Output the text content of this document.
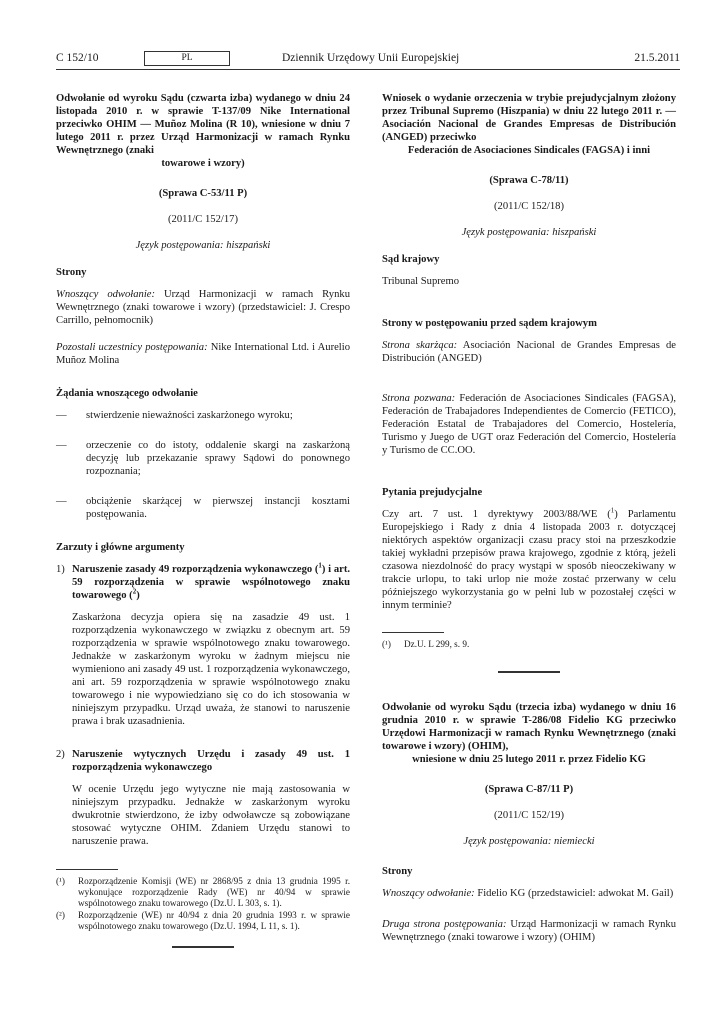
C 152/10	PL	Dziennik Urzędowy Unii Europejskiej	21.5.2011

Odwołanie od wyroku Sądu (czwarta izba) wydanego w dniu 24 listopada 2010 r. w sprawie T-137/09 Nike International przeciwko OHIM — Muñoz Molina (R 10), wniesione w dniu 7 lutego 2011 r. przez Urząd Harmonizacji w ramach Rynku Wewnętrznego (znaki
towarowe i wzory)

(Sprawa C-53/11 P)

(2011/C 152/17)

Język postępowania: hiszpański

Strony

Wnoszący odwołanie: Urząd Harmonizacji w ramach Rynku Wewnętrznego (znaki towarowe i wzory) (przedstawiciel: J. Crespo Carrillo, pełnomocnik)

Pozostali uczestnicy postępowania: Nike International Ltd. i Aurelio Muñoz Molina

Żądania wnoszącego odwołanie

— stwierdzenie nieważności zaskarżonego wyroku;

— orzeczenie co do istoty, oddalenie skargi na zaskarżoną decyzję lub przekazanie sprawy Sądowi do ponownego rozpoznania;

— obciążenie skarżącej w pierwszej instancji kosztami postępowania.

Zarzuty i główne argumenty

1) Naruszenie zasady 49 rozporządzenia wykonawczego ($^1$) i art. 59 rozporządzenia w sprawie wspólnotowego znaku towarowego ($^2$)

Zaskarżona decyzja opiera się na zasadzie 49 ust. 1 rozporządzenia wykonawczego w związku z obecnym art. 59 rozporządzenia w sprawie wspólnotowego znaku towarowego. Jednakże w zaskarżonym wyroku w żadnym miejscu nie wymieniono ani zasady 49 ust. 1 rozporządzenia wykonawczego, ani art. 59 rozporządzenia w sprawie wspólnotowego znaku towarowego i nie wypowiedziano się co do ich stosowania w niniejszym przypadku. Urząd uważa, że stanowi to naruszenie prawa i brak uzasadnienia.

2) Naruszenie wytycznych Urzędu i zasady 49 ust. 1 rozporządzenia wykonawczego

W ocenie Urzędu jego wytyczne nie mają zastosowania w niniejszym przypadku. Jednakże w zaskarżonym wyroku dwukrotnie stwierdzono, że izby odwoławcze są zobowiązane stosować wytyczne OHIM. Zdaniem Urzędu stanowi to naruszenie prawa.

(¹) Rozporządzenie Komisji (WE) nr 2868/95 z dnia 13 grudnia 1995 r. wykonujące rozporządzenie Rady (WE) nr 40/94 w sprawie wspólnotowego znaku towarowego (Dz.U. L 303, s. 1).

(²) Rozporządzenie (WE) nr 40/94 z dnia 20 grudnia 1993 r. w sprawie wspólnotowego znaku towarowego (Dz.U. 1994, L 11, s. 1).

Wniosek o wydanie orzeczenia w trybie prejudycjalnym złożony przez Tribunal Supremo (Hiszpania) w dniu 22 lutego 2011 r. — Asociación Nacional de Grandes Empresas de Distribución (ANGED) przeciwko
Federación de Asociaciones Sindicales (FAGSA) i inni

(Sprawa C-78/11)

(2011/C 152/18)

Język postępowania: hiszpański

Sąd krajowy

Tribunal Supremo

Strony w postępowaniu przed sądem krajowym

Strona skarżąca: Asociación Nacional de Grandes Empresas de Distribución (ANGED)

Strona pozwana: Federación de Asociaciones Sindicales (FAGSA), Federación de Trabajadores Independientes de Comercio (FETICO), Federación Estatal de Trabajadores del Comercio, Hostelería, Turismo y Juego de UGT oraz Federación del Comercio, Hostelería y Turismo de CC.OO.

Pytania prejudycjalne

Czy art. 7 ust. 1 dyrektywy 2003/88/WE ($^1$) Parlamentu Europejskiego i Rady z dnia 4 listopada 2003 r. dotyczącej niektórych aspektów organizacji czasu pracy stoi na przeszkodzie takiej wykładni przepisów prawa krajowego, zgodnie z którą, jeżeli czasowa niezdolność do pracy wystąpi w sposób nieoczekiwany w trakcie urlopu, to taki urlop nie może zostać przerwany w celu późniejszego wykorzystania go w pełni lub w pozostałej części w innym terminie?

(¹) Dz.U. L 299, s. 9.

Odwołanie od wyroku Sądu (trzecia izba) wydanego w dniu 16 grudnia 2010 r. w sprawie T-286/08 Fidelio KG przeciwko Urzędowi Harmonizacji w ramach Rynku Wewnętrznego (znaki towarowe i wzory) (OHIM),
wniesione w dniu 25 lutego 2011 r. przez Fidelio KG

(Sprawa C-87/11 P)

(2011/C 152/19)

Język postępowania: niemiecki

Strony

Wnoszący odwołanie: Fidelio KG (przedstawiciel: adwokat M. Gail)

Druga strona postępowania: Urząd Harmonizacji w ramach Rynku Wewnętrznego (znaki towarowe i wzory) (OHIM)
